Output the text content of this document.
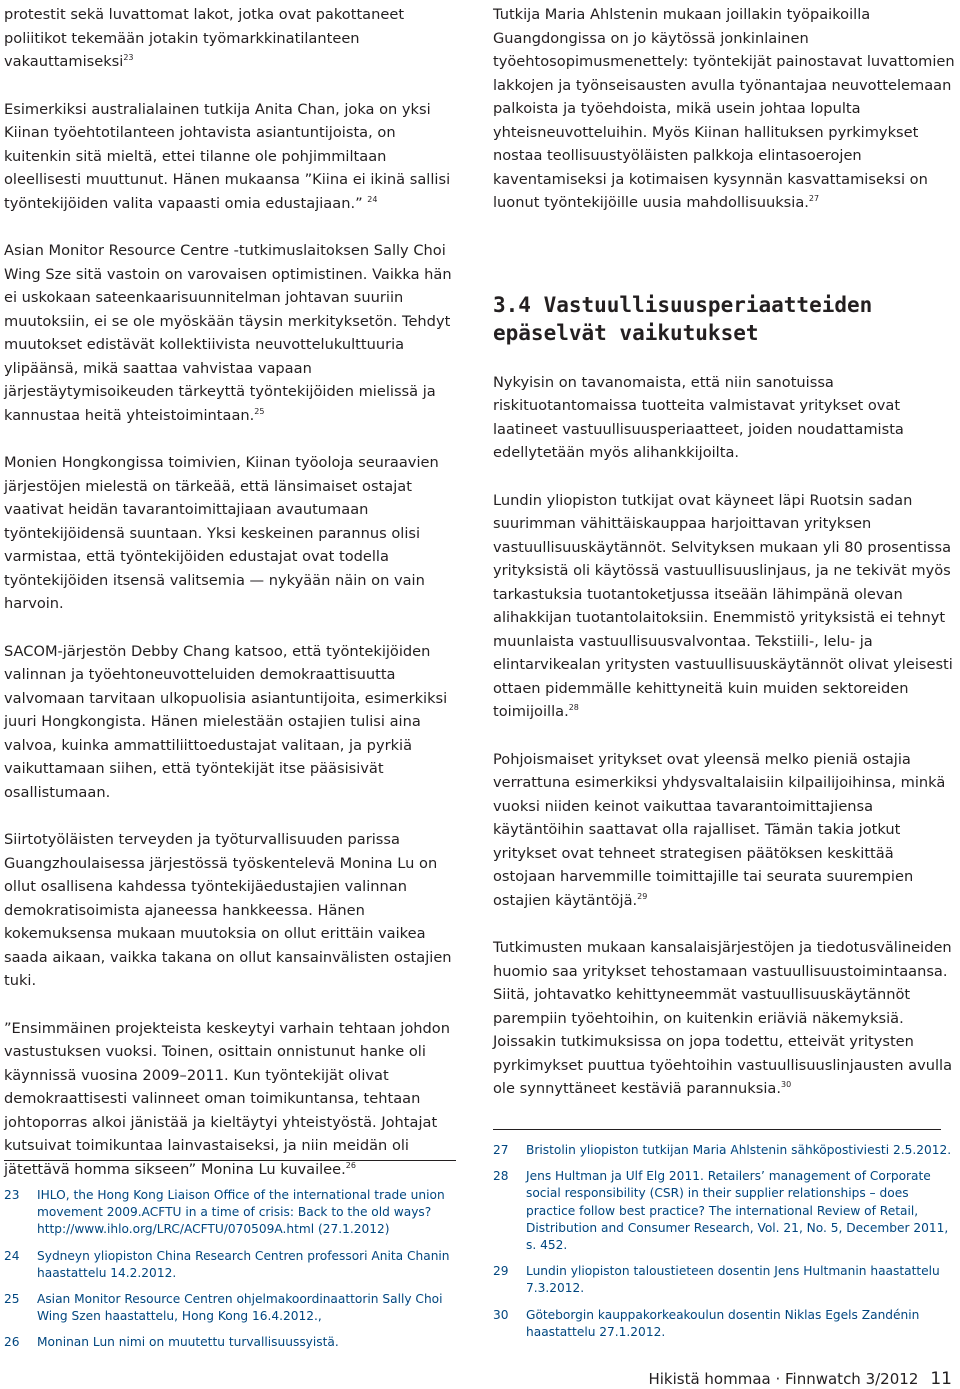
protestit sekä luvattomat lakot, jotka ovat pakottaneet poliitikot tekemään jotakin työmarkkinatilanteen vakauttamiseksi$^{23}$

Esimerkiksi australialainen tutkija Anita Chan, joka on yksi Kiinan työehtotilanteen johtavista asiantuntijoista, on kuitenkin sitä mieltä, ettei tilanne ole pohjimmiltaan oleellisesti muuttunut. Hänen mukaansa ”Kiina ei ikinä sallisi työntekijöiden valita vapaasti omia edustajiaan.” $^{24}$

Asian Monitor Resource Centre -tutkimuslaitoksen Sally Choi Wing Sze sitä vastoin on varovaisen optimistinen. Vaikka hän ei uskokaan sateenkaarisuunnitelman johtavan suuriin muutoksiin, ei se ole myöskään täysin merkityksetön. Tehdyt muutokset edistävät kollektiivista neuvottelukulttuuria ylipäänsä, mikä saattaa vahvistaa vapaan järjestäytymisoikeuden tärkeyttä työntekijöiden mielissä ja kannustaa heitä yhteistoimintaan.$^{25}$

Monien Hongkongissa toimivien, Kiinan työoloja seuraavien järjestöjen mielestä on tärkeää, että länsimaiset ostajat vaativat heidän tavarantoimittajiaan avautumaan työntekijöidensä suuntaan. Yksi keskeinen parannus olisi varmistaa, että työntekijöiden edustajat ovat todella työntekijöiden itsensä valitsemia — nykyään näin on vain harvoin.

SACOM-järjestön Debby Chang katsoo, että työntekijöiden valinnan ja työehtoneuvotteluiden demokraattisuutta valvomaan tarvitaan ulkopuolisia asiantuntijoita, esimerkiksi juuri Hongkongista. Hänen mielestään ostajien tulisi aina valvoa, kuinka ammattiliittoedustajat valitaan, ja pyrkiä vaikuttamaan siihen, että työntekijät itse pääsisivät osallistumaan.

Siirtotyöläisten terveyden ja työturvallisuuden parissa Guangzhoulaisessa järjestössä työskentelevä Monina Lu on ollut osallisena kahdessa työntekijäedustajien valinnan demokratisoimista ajaneessa hankkeessa. Hänen kokemuksensa mukaan muutoksia on ollut erittäin vaikea saada aikaan, vaikka takana on ollut kansainvälisten ostajien tuki.

”Ensimmäinen projekteista keskeytyi varhain tehtaan johdon vastustuksen vuoksi. Toinen, osittain onnistunut hanke oli käynnissä vuosina 2009–2011. Kun työntekijät olivat demokraattisesti valinneet oman toimikuntansa, tehtaan johtoporras alkoi jänistää ja kieltäytyi yhteistyöstä. Johtajat kutsuivat toimikuntaa lainvastaiseksi, ja niin meidän oli jätettävä homma sikseen” Monina Lu kuvailee.$^{26}$

Tutkija Maria Ahlstenin mukaan joillakin työpaikoilla Guangdongissa on jo käytössä jonkinlainen työehtosopimusmenettely: työntekijät painostavat luvattomien lakkojen ja työnseisausten avulla työnantajaa neuvottelemaan palkoista ja työehdoista, mikä usein johtaa lopulta yhteisneuvotteluihin. Myös Kiinan hallituksen pyrkimykset nostaa teollisuustyöläisten palkkoja elintasoerojen kaventamiseksi ja kotimaisen kysynnän kasvattamiseksi on luonut työntekijöille uusia mahdollisuuksia.$^{27}$

3.4 Vastuullisuusperiaatteiden epäselvät vaikutukset

Nykyisin on tavanomaista, että niin sanotuissa riskituotantomaissa tuotteita valmistavat yritykset ovat laatineet vastuullisuusperiaatteet, joiden noudattamista edellytetään myös alihankkijoilta.

Lundin yliopiston tutkijat ovat käyneet läpi Ruotsin sadan suurimman vähittäiskauppaa harjoittavan yrityksen vastuullisuuskäytännöt. Selvityksen mukaan yli 80 prosentissa yrityksistä oli käytössä vastuullisuuslinjaus, ja ne tekivät myös tarkastuksia tuotantoketjussa itseään lähimpänä olevan alihakkijan tuotantolaitoksiin. Enemmistö yrityksistä ei tehnyt muunlaista vastuullisuusvalvontaa. Tekstiili-, lelu- ja elintarvikealan yritysten vastuullisuuskäytännöt olivat yleisesti ottaen pidemmälle kehittyneitä kuin muiden sektoreiden toimijoilla.$^{28}$

Pohjoismaiset yritykset ovat yleensä melko pieniä ostajia verrattuna esimerkiksi yhdysvaltalaisiin kilpailijoihinsa, minkä vuoksi niiden keinot vaikuttaa tavarantoimittajiensa käytäntöihin saattavat olla rajalliset. Tämän takia jotkut yritykset ovat tehneet strategisen päätöksen keskittää ostojaan harvemmille toimittajille tai seurata suurempien ostajien käytäntöjä.$^{29}$

Tutkimusten mukaan kansalaisjärjestöjen ja tiedotusvälineiden huomio saa yritykset tehostamaan vastuullisuustoimintaansa. Siitä, johtavatko kehittyneemmät vastuullisuuskäytännöt parempiin työehtoihin, on kuitenkin eriäviä näkemyksiä. Joissakin tutkimuksissa on jopa todettu, etteivät yritysten pyrkimykset puuttua työehtoihin vastuullisuuslinjausten avulla ole synnyttäneet kestäviä parannuksia.$^{30}$

23	IHLO, the Hong Kong Liaison Office of the international trade union movement 2009.ACFTU in a time of crisis: Back to the old ways? http://www.ihlo.org/LRC/ACFTU/070509A.html (27.1.2012)
24	Sydneyn yliopiston China Research Centren professori Anita Chanin haastattelu 14.2.2012.
25	Asian Monitor Resource Centren ohjelmakoordinaattorin Sally Choi Wing Szen haastattelu, Hong Kong 16.4.2012.,
26	Moninan Lun nimi on muutettu turvallisuussyistä.
27	Bristolin yliopiston tutkijan Maria Ahlstenin sähköpostiviesti 2.5.2012.
28	Jens Hultman ja Ulf Elg 2011. Retailers’ management of Corporate social responsibility (CSR) in their supplier relationships – does practice follow best practice? The international Review of Retail, Distribution and Consumer Research, Vol. 21, No. 5, December 2011, s. 452.
29	Lundin yliopiston taloustieteen dosentin Jens Hultmanin haastattelu 7.3.2012.
30	Göteborgin kauppakorkeakoulun dosentin Niklas Egels Zandénin haastattelu 27.1.2012.
Hikistä hommaa · Finnwatch 3/2012 11
